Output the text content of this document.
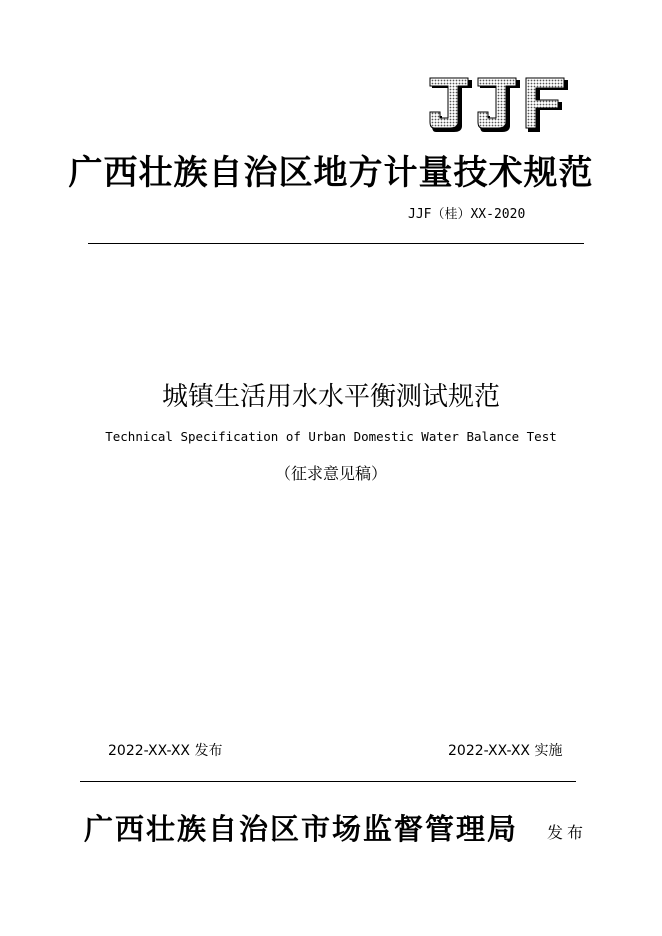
广西壮族自治区地方计量技术规范
JJF（桂）XX-2020
城镇生活用水水平衡测试规范
Technical Specification of Urban Domestic Water Balance Test
（征求意见稿）
2022-XX-XX 发布	2022-XX-XX 实施
广西壮族自治区市场监督管理局 发布
